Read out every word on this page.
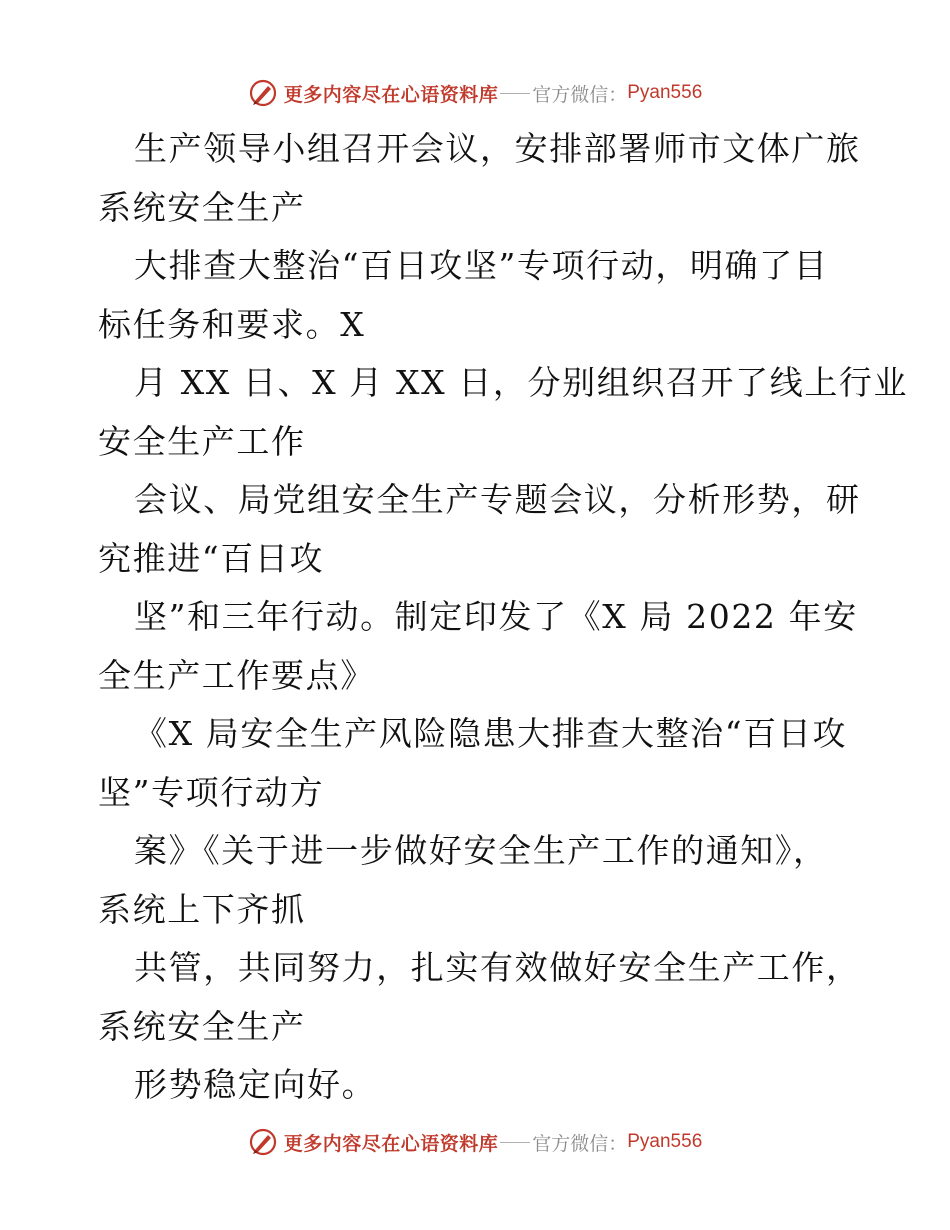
更多内容尽在心语资料库 官方微信： Pyan556
生产领导小组召开会议，安排部署师市文体广旅
系统安全生产
大排查大整治“百日攻坚”专项行动，明确了目
标任务和要求。X
月 XX 日、X 月 XX 日，分别组织召开了线上行业
安全生产工作
会议、局党组安全生产专题会议，分析形势，研
究推进“百日攻
坚”和三年行动。制定印发了《X 局 2022 年安
全生产工作要点》
《X 局安全生产风险隐患大排查大整治“百日攻
坚”专项行动方
案》《关于进一步做好安全生产工作的通知》，
系统上下齐抓
共管，共同努力，扎实有效做好安全生产工作，
系统安全生产
形势稳定向好。
更多内容尽在心语资料库 官方微信： Pyan556
